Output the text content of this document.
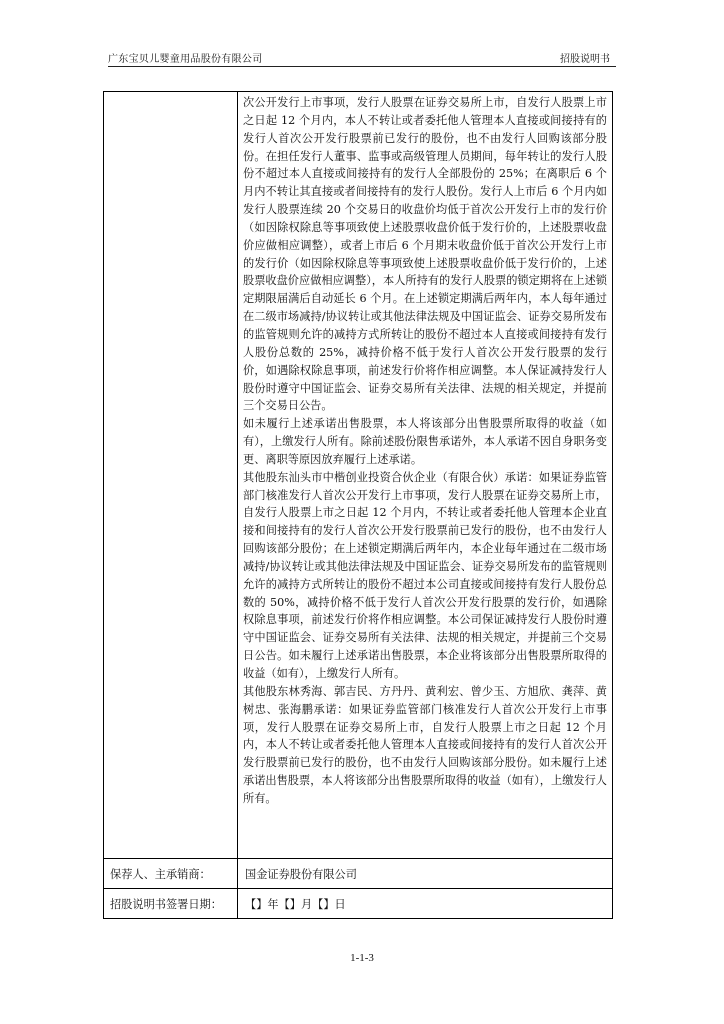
广东宝贝儿婴童用品股份有限公司	招股说明书

次公开发行上市事项，发行人股票在证券交易所上市，自发行人股票上市之日起 12 个月内，本人不转让或者委托他人管理本人直接或间接持有的发行人首次公开发行股票前已发行的股份，也不由发行人回购该部分股份。在担任发行人董事、监事或高级管理人员期间，每年转让的发行人股份不超过本人直接或间接持有的发行人全部股份的 25%；在离职后 6 个月内不转让其直接或者间接持有的发行人股份。发行人上市后 6 个月内如发行人股票连续 20 个交易日的收盘价均低于首次公开发行上市的发行价（如因除权除息等事项致使上述股票收盘价低于发行价的，上述股票收盘价应做相应调整），或者上市后 6 个月期末收盘价低于首次公开发行上市的发行价（如因除权除息等事项致使上述股票收盘价低于发行价的，上述股票收盘价应做相应调整），本人所持有的发行人股票的锁定期将在上述锁定期限届满后自动延长 6 个月。在上述锁定期满后两年内，本人每年通过在二级市场减持/协议转让或其他法律法规及中国证监会、证券交易所发布的监管规则允许的减持方式所转让的股份不超过本人直接或间接持有发行人股份总数的 25%，减持价格不低于发行人首次公开发行股票的发行价，如遇除权除息事项，前述发行价将作相应调整。本人保证减持发行人股份时遵守中国证监会、证券交易所有关法律、法规的相关规定，并提前三个交易日公告。

如未履行上述承诺出售股票，本人将该部分出售股票所取得的收益（如有），上缴发行人所有。除前述股份限售承诺外，本人承诺不因自身职务变更、离职等原因放弃履行上述承诺。

其他股东汕头市中楷创业投资合伙企业（有限合伙）承诺：如果证券监管部门核准发行人首次公开发行上市事项，发行人股票在证券交易所上市，自发行人股票上市之日起 12 个月内，不转让或者委托他人管理本企业直接和间接持有的发行人首次公开发行股票前已发行的股份，也不由发行人回购该部分股份；在上述锁定期满后两年内，本企业每年通过在二级市场减持/协议转让或其他法律法规及中国证监会、证券交易所发布的监管规则允许的减持方式所转让的股份不超过本公司直接或间接持有发行人股份总数的 50%，减持价格不低于发行人首次公开发行股票的发行价，如遇除权除息事项，前述发行价将作相应调整。本公司保证减持发行人股份时遵守中国证监会、证券交易所有关法律、法规的相关规定，并提前三个交易日公告。如未履行上述承诺出售股票，本企业将该部分出售股票所取得的收益（如有），上缴发行人所有。

其他股东林秀海、郭吉民、方丹丹、黄利宏、曾少玉、方旭欣、龚萍、黄树忠、张海鹏承诺：如果证券监管部门核准发行人首次公开发行上市事项，发行人股票在证券交易所上市，自发行人股票上市之日起 12 个月内，本人不转让或者委托他人管理本人直接或间接持有的发行人首次公开发行股票前已发行的股份，也不由发行人回购该部分股份。如未履行上述承诺出售股票，本人将该部分出售股票所取得的收益（如有），上缴发行人所有。

保荐人、主承销商：	国金证券股份有限公司
招股说明书签署日期： 【】年【】月【】日
1-1-3
